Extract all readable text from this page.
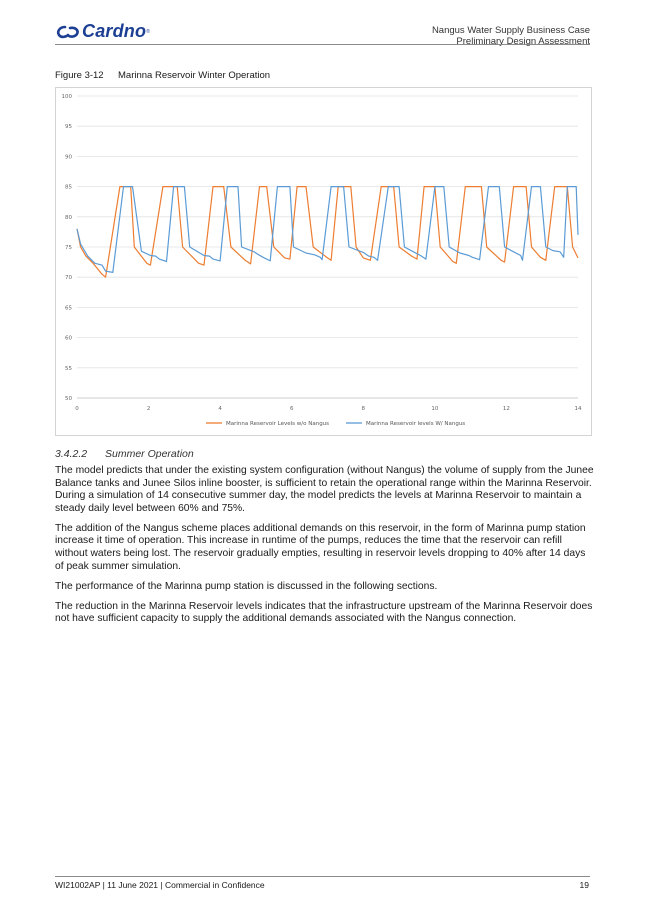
Cardno ®	Nangus Water Supply Business Case
Preliminary Design Assessment
Figure 3-12 Marinna Reservoir Winter Operation
50
55
60
65
70
75
80
85
90
95
100
0	2	4	6	8	10	12	14
Marinna Reservoir Levels w/o Nangus	Marinna Reservoir levels W/ Nangus
3.4.2.2 Summer Operation

The model predicts that under the existing system configuration (without Nangus) the volume of supply from the Junee Balance tanks and Junee Silos inline booster, is sufficient to retain the operational range within the Marinna Reservoir. During a simulation of 14 consecutive summer day, the model predicts the levels at Marinna Reservoir to maintain a steady daily level between 60% and 75%.

The addition of the Nangus scheme places additional demands on this reservoir, in the form of Marinna pump station increase it time of operation. This increase in runtime of the pumps, reduces the time that the reservoir can refill without waters being lost. The reservoir gradually empties, resulting in reservoir levels dropping to 40% after 14 days of peak summer simulation.

The performance of the Marinna pump station is discussed in the following sections.

The reduction in the Marinna Reservoir levels indicates that the infrastructure upstream of the Marinna Reservoir does not have sufficient capacity to supply the additional demands associated with the Nangus connection.

WI21002AP | 11 June 2021 | Commercial in Confidence	19
